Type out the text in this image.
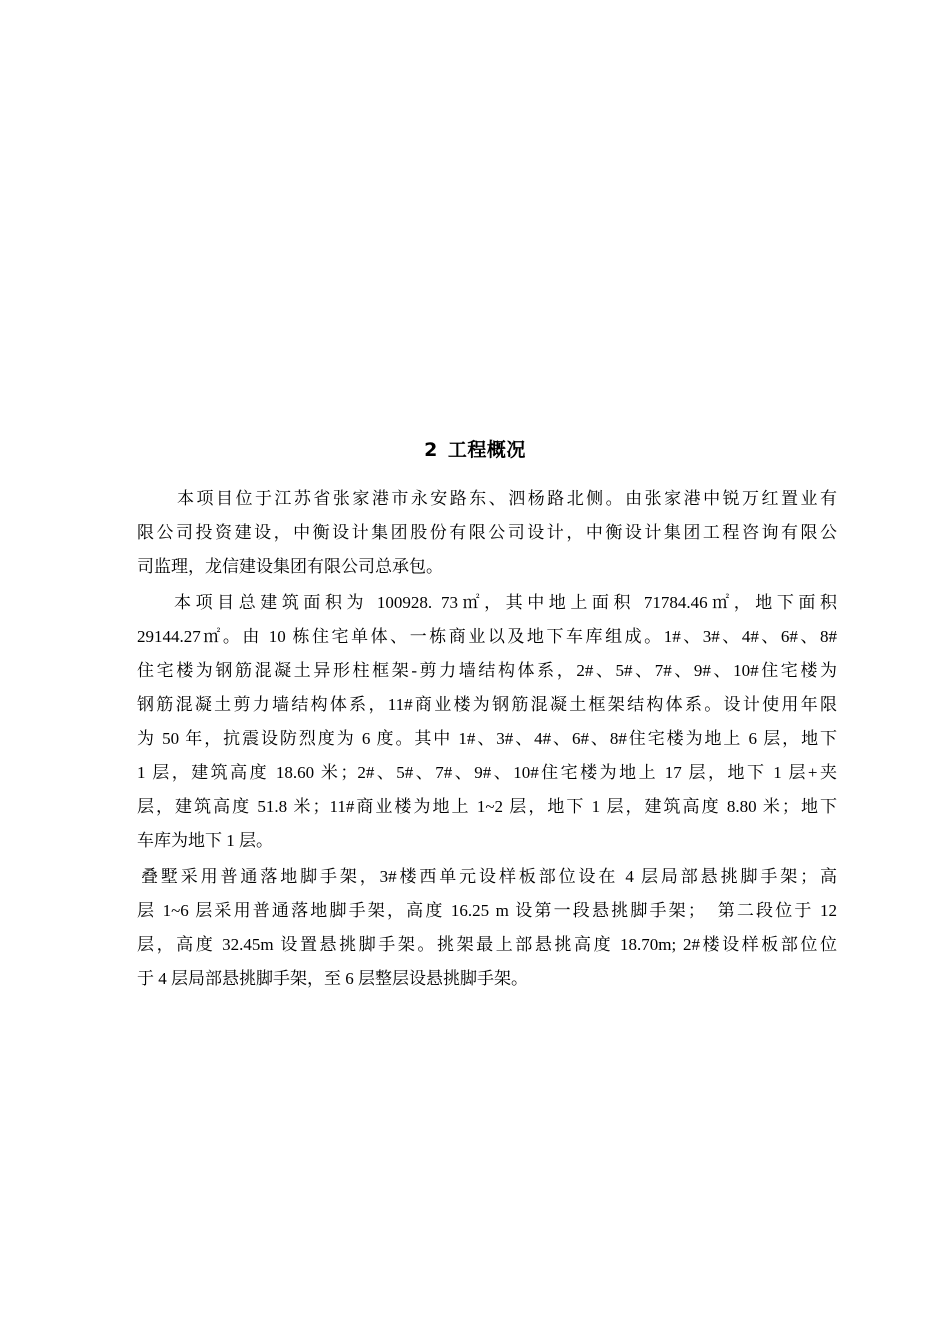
2 工程概况
本项目位于江苏省张家港市永安路东、泗杨路北侧。由张家港中锐万红置业有
限公司投资建设，中衡设计集团股份有限公司设计，中衡设计集团工程咨询有限公
司监理，龙信建设集团有限公司总承包。
本项目总建筑面积为 100928. 73㎡，其中地上面积 71784.46㎡，地下面积
29144.27㎡。由 10 栋住宅单体、一栋商业以及地下车库组成。1#、3#、4#、6#、8#
住宅楼为钢筋混凝土异形柱框架-剪力墙结构体系，2#、5#、7#、9#、10#住宅楼为
钢筋混凝土剪力墙结构体系，11#商业楼为钢筋混凝土框架结构体系。设计使用年限
为 50 年，抗震设防烈度为 6 度。其中 1#、3#、4#、6#、8#住宅楼为地上 6 层，地下
1 层，建筑高度 18.60 米；2#、5#、7#、9#、10#住宅楼为地上 17 层，地下 1 层+夹
层，建筑高度 51.8 米；11#商业楼为地上 1~2 层，地下 1 层，建筑高度 8.80 米；地下
车库为地下 1 层。
叠墅采用普通落地脚手架，3#楼西单元设样板部位设在 4 层局部悬挑脚手架；高
层 1~6 层采用普通落地脚手架，高度 16.25 m 设第一段悬挑脚手架；　第二段位于 12
层，高度 32.45m 设置悬挑脚手架。挑架最上部悬挑高度 18.70m; 2#楼设样板部位位
于 4 层局部悬挑脚手架，至 6 层整层设悬挑脚手架。
